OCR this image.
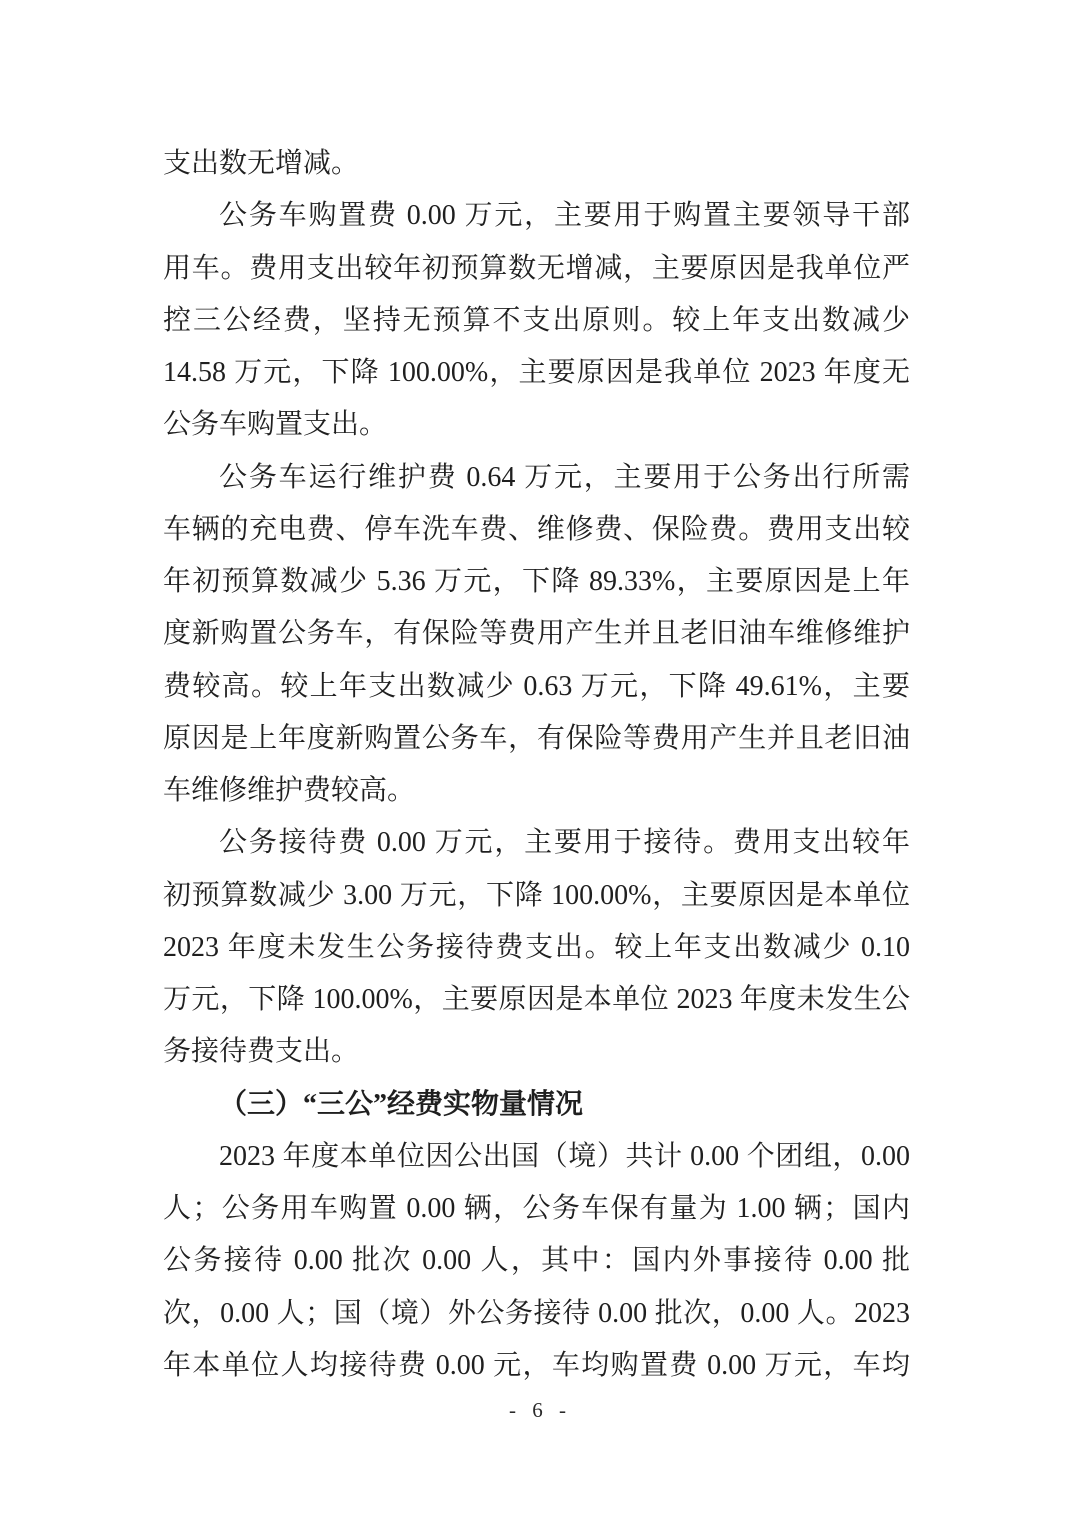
支出数无增减。
公务车购置费 0.00 万元，主要用于购置主要领导干部
用车。费用支出较年初预算数无增减，主要原因是我单位严
控三公经费，坚持无预算不支出原则。较上年支出数减少
14.58 万元，下降 100.00%，主要原因是我单位 2023 年度无
公务车购置支出。
公务车运行维护费 0.64 万元，主要用于公务出行所需
车辆的充电费、停车洗车费、维修费、保险费。费用支出较
年初预算数减少 5.36 万元，下降 89.33%，主要原因是上年
度新购置公务车，有保险等费用产生并且老旧油车维修维护
费较高。较上年支出数减少 0.63 万元，下降 49.61%，主要
原因是上年度新购置公务车，有保险等费用产生并且老旧油
车维修维护费较高。
公务接待费 0.00 万元，主要用于接待。费用支出较年
初预算数减少 3.00 万元，下降 100.00%，主要原因是本单位
2023 年度未发生公务接待费支出。较上年支出数减少 0.10
万元，下降 100.00%，主要原因是本单位 2023 年度未发生公
务接待费支出。
（三）“三公”经费实物量情况
2023 年度本单位因公出国（境）共计 0.00 个团组，0.00
人；公务用车购置 0.00 辆，公务车保有量为 1.00 辆；国内
公务接待 0.00 批次 0.00 人，其中：国内外事接待 0.00 批
次，0.00 人；国（境）外公务接待 0.00 批次，0.00 人。2023
年本单位人均接待费 0.00 元，车均购置费 0.00 万元，车均
- 6 -
